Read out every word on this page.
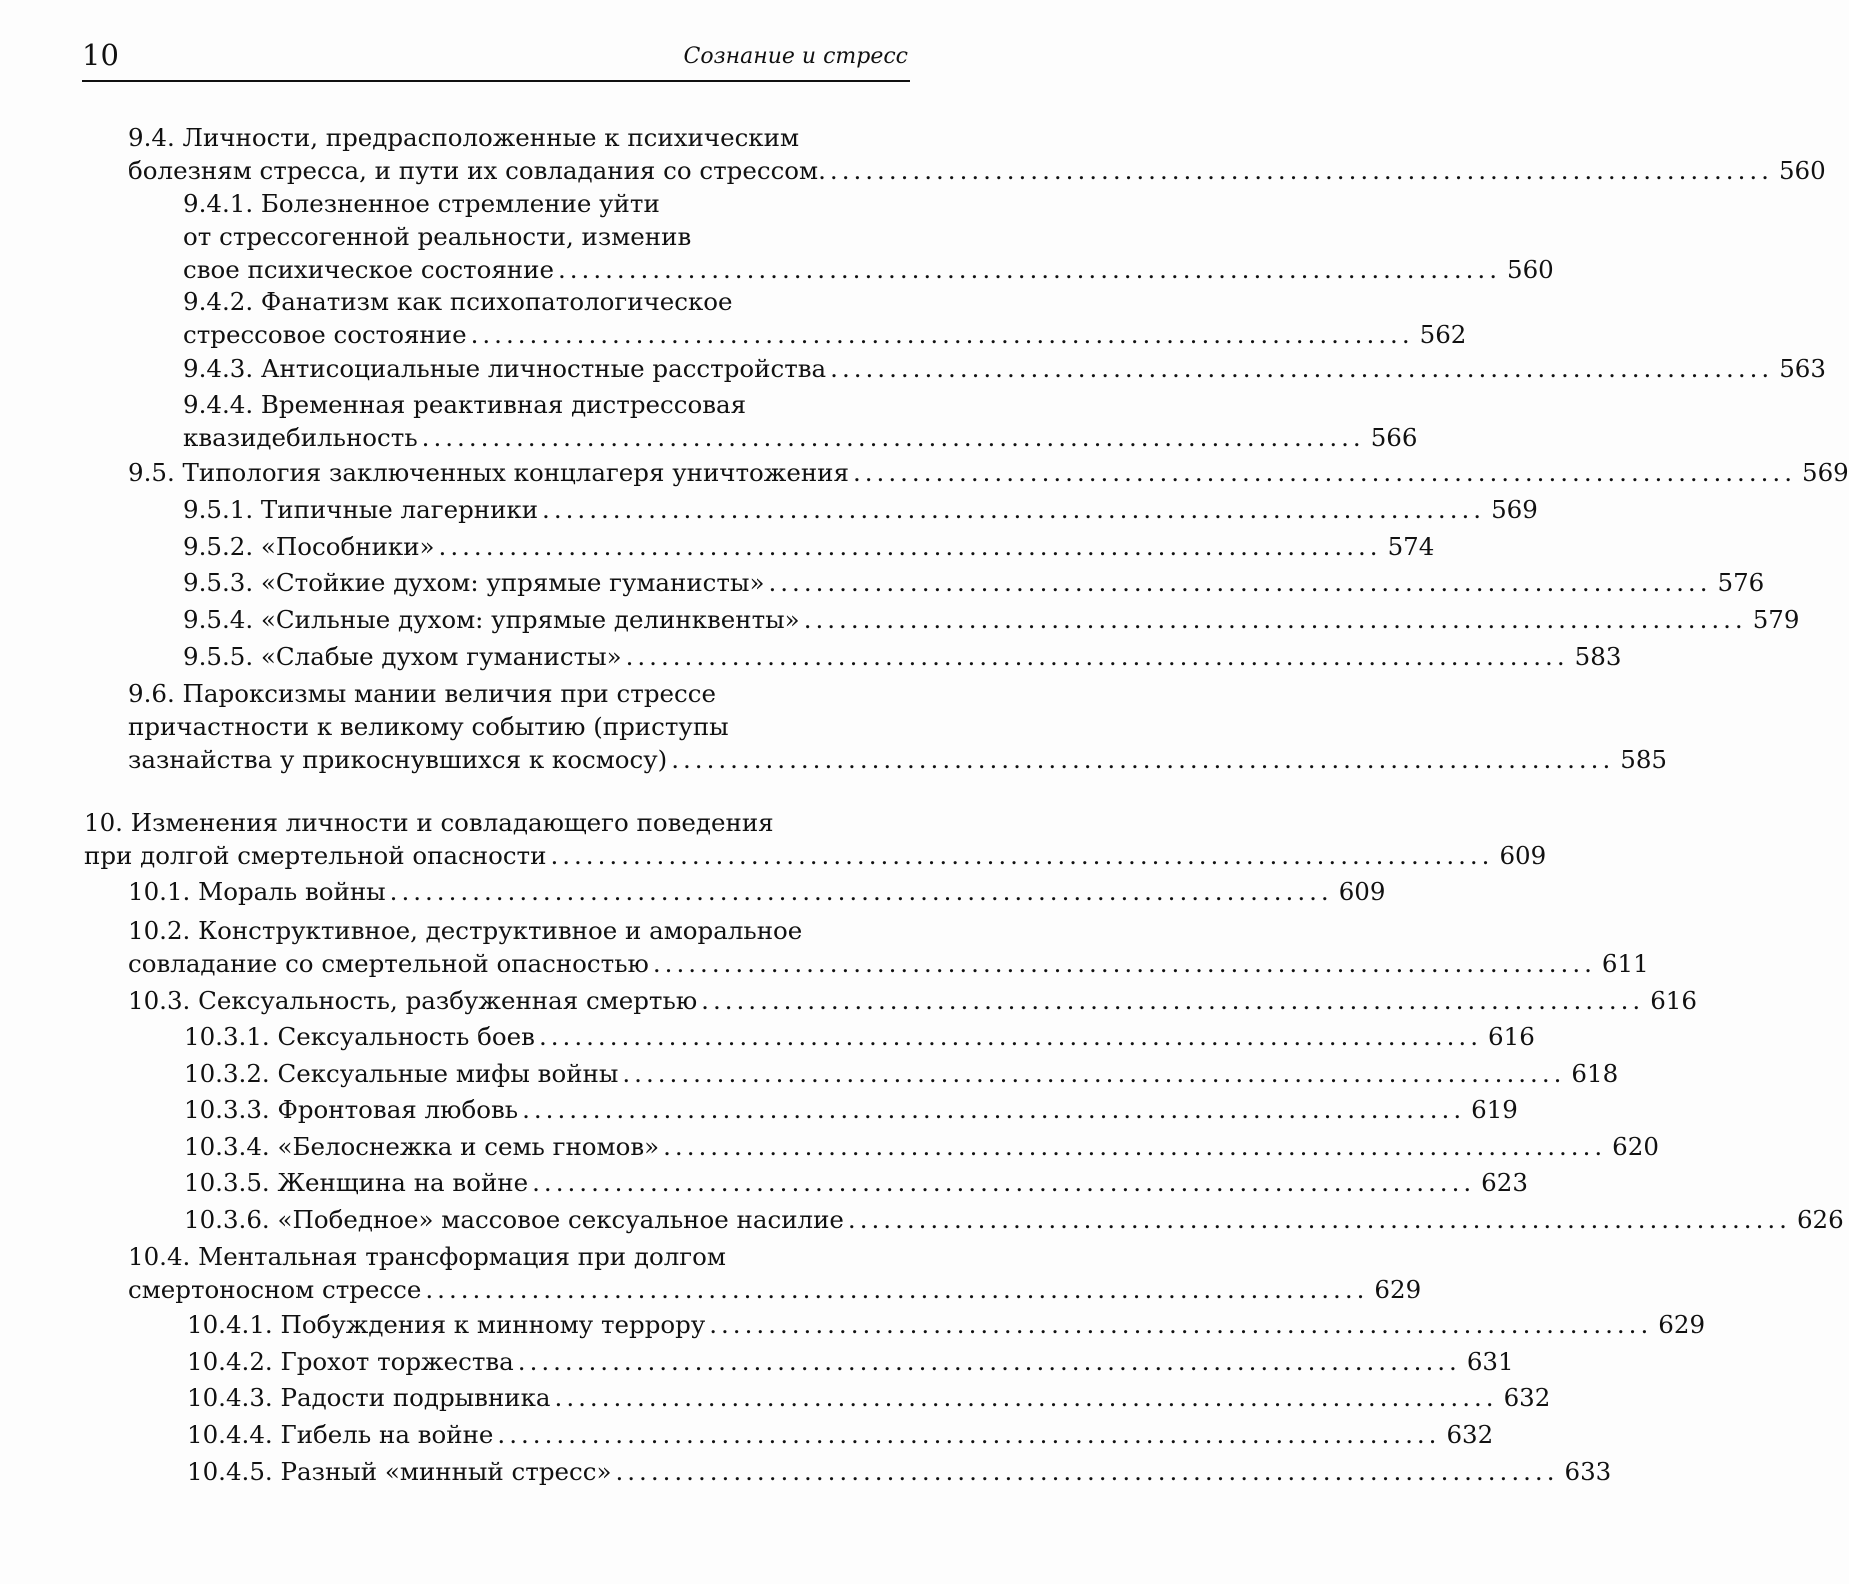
10	Сознание и стресс
9.4. Личности, предрасположенные к психическим
болезням стресса, и пути их совладания со стрессом. ................................................................................ 560
9.4.1. Болезненное стремление уйти
от стрессогенной реальности, изменив
свое психическое состояние ................................................................................ 560
9.4.2. Фанатизм как психопатологическое
стрессовое состояние ................................................................................ 562
9.4.3. Антисоциальные личностные расстройства ................................................................................ 563
9.4.4. Временная реактивная дистрессовая
квазидебильность ................................................................................ 566
9.5. Типология заключенных концлагеря уничтожения ................................................................................ 569
9.5.1. Типичные лагерники ................................................................................ 569
9.5.2. «Пособники» ................................................................................ 574
9.5.3. «Стойкие духом: упрямые гуманисты» ................................................................................ 576
9.5.4. «Сильные духом: упрямые делинквенты» ................................................................................ 579
9.5.5. «Слабые духом гуманисты» ................................................................................ 583
9.6. Пароксизмы мании величия при стрессе
причастности к великому событию (приступы
зазнайства у прикоснувшихся к космосу) ................................................................................ 585
10. Изменения личности и совладающего поведения
при долгой смертельной опасности ................................................................................ 609
10.1. Мораль войны ................................................................................ 609
10.2. Конструктивное, деструктивное и аморальное
совладание со смертельной опасностью ................................................................................ 611
10.3. Сексуальность, разбуженная смертью ................................................................................ 616
10.3.1. Сексуальность боев ................................................................................ 616
10.3.2. Сексуальные мифы войны ................................................................................ 618
10.3.3. Фронтовая любовь ................................................................................ 619
10.3.4. «Белоснежка и семь гномов» ................................................................................ 620
10.3.5. Женщина на войне ................................................................................ 623
10.3.6. «Победное» массовое сексуальное насилие ................................................................................ 626
10.4. Ментальная трансформация при долгом
смертоносном стрессе ................................................................................ 629
10.4.1. Побуждения к минному террору ................................................................................ 629
10.4.2. Грохот торжества ................................................................................ 631
10.4.3. Радости подрывника ................................................................................ 632
10.4.4. Гибель на войне ................................................................................ 632
10.4.5. Разный «минный стресс» ................................................................................ 633
